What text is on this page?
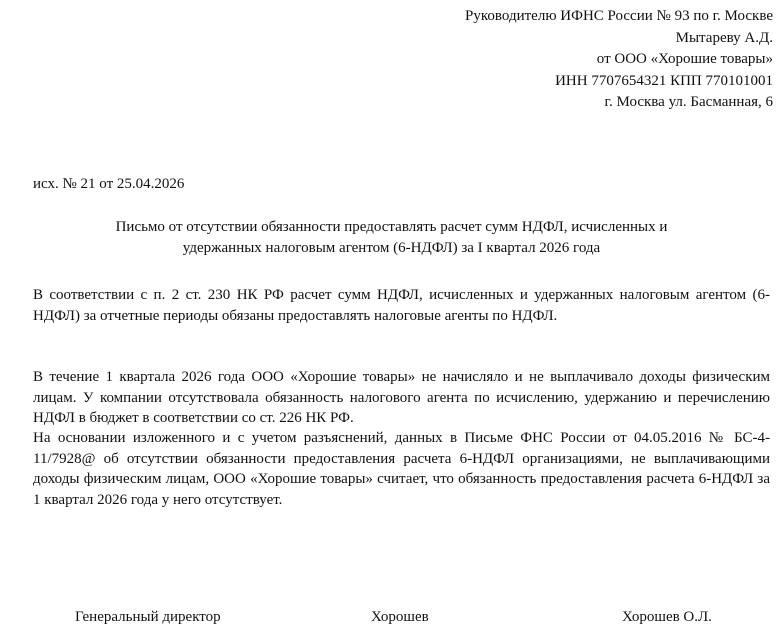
Руководителю ИФНС России № 93 по г. Москве
Мытареву А.Д.
от ООО «Хорошие товары»
ИНН 7707654321 КПП 770101001
г. Москва ул. Басманная, 6
исх. № 21 от 25.04.2026
Письмо от отсутствии обязанности предоставлять расчет сумм НДФЛ, исчисленных и
удержанных налоговым агентом (6-НДФЛ) за I квартал 2026 года
В соответствии с п. 2 ст. 230 НК РФ расчет сумм НДФЛ, исчисленных и удержанных налоговым агентом (6-НДФЛ) за отчетные периоды обязаны предоставлять налоговые агенты по НДФЛ.
В течение 1 квартала 2026 года ООО «Хорошие товары» не начисляло и не выплачивало доходы физическим лицам. У компании отсутствовала обязанность налогового агента по исчислению, удержанию и перечислению НДФЛ в бюджет в соответствии со ст. 226 НК РФ.
На основании изложенного и с учетом разъяснений, данных в Письме ФНС России от 04.05.2016 № БС-4-11/7928@ об отсутствии обязанности предоставления расчета 6-НДФЛ организациями, не выплачивающими доходы физическим лицам, ООО «Хорошие товары» считает, что обязанность предоставления расчета 6-НДФЛ за 1 квартал 2026 года у него отсутствует.
Генеральный директор	Хорошев	Хорошев О.Л.
